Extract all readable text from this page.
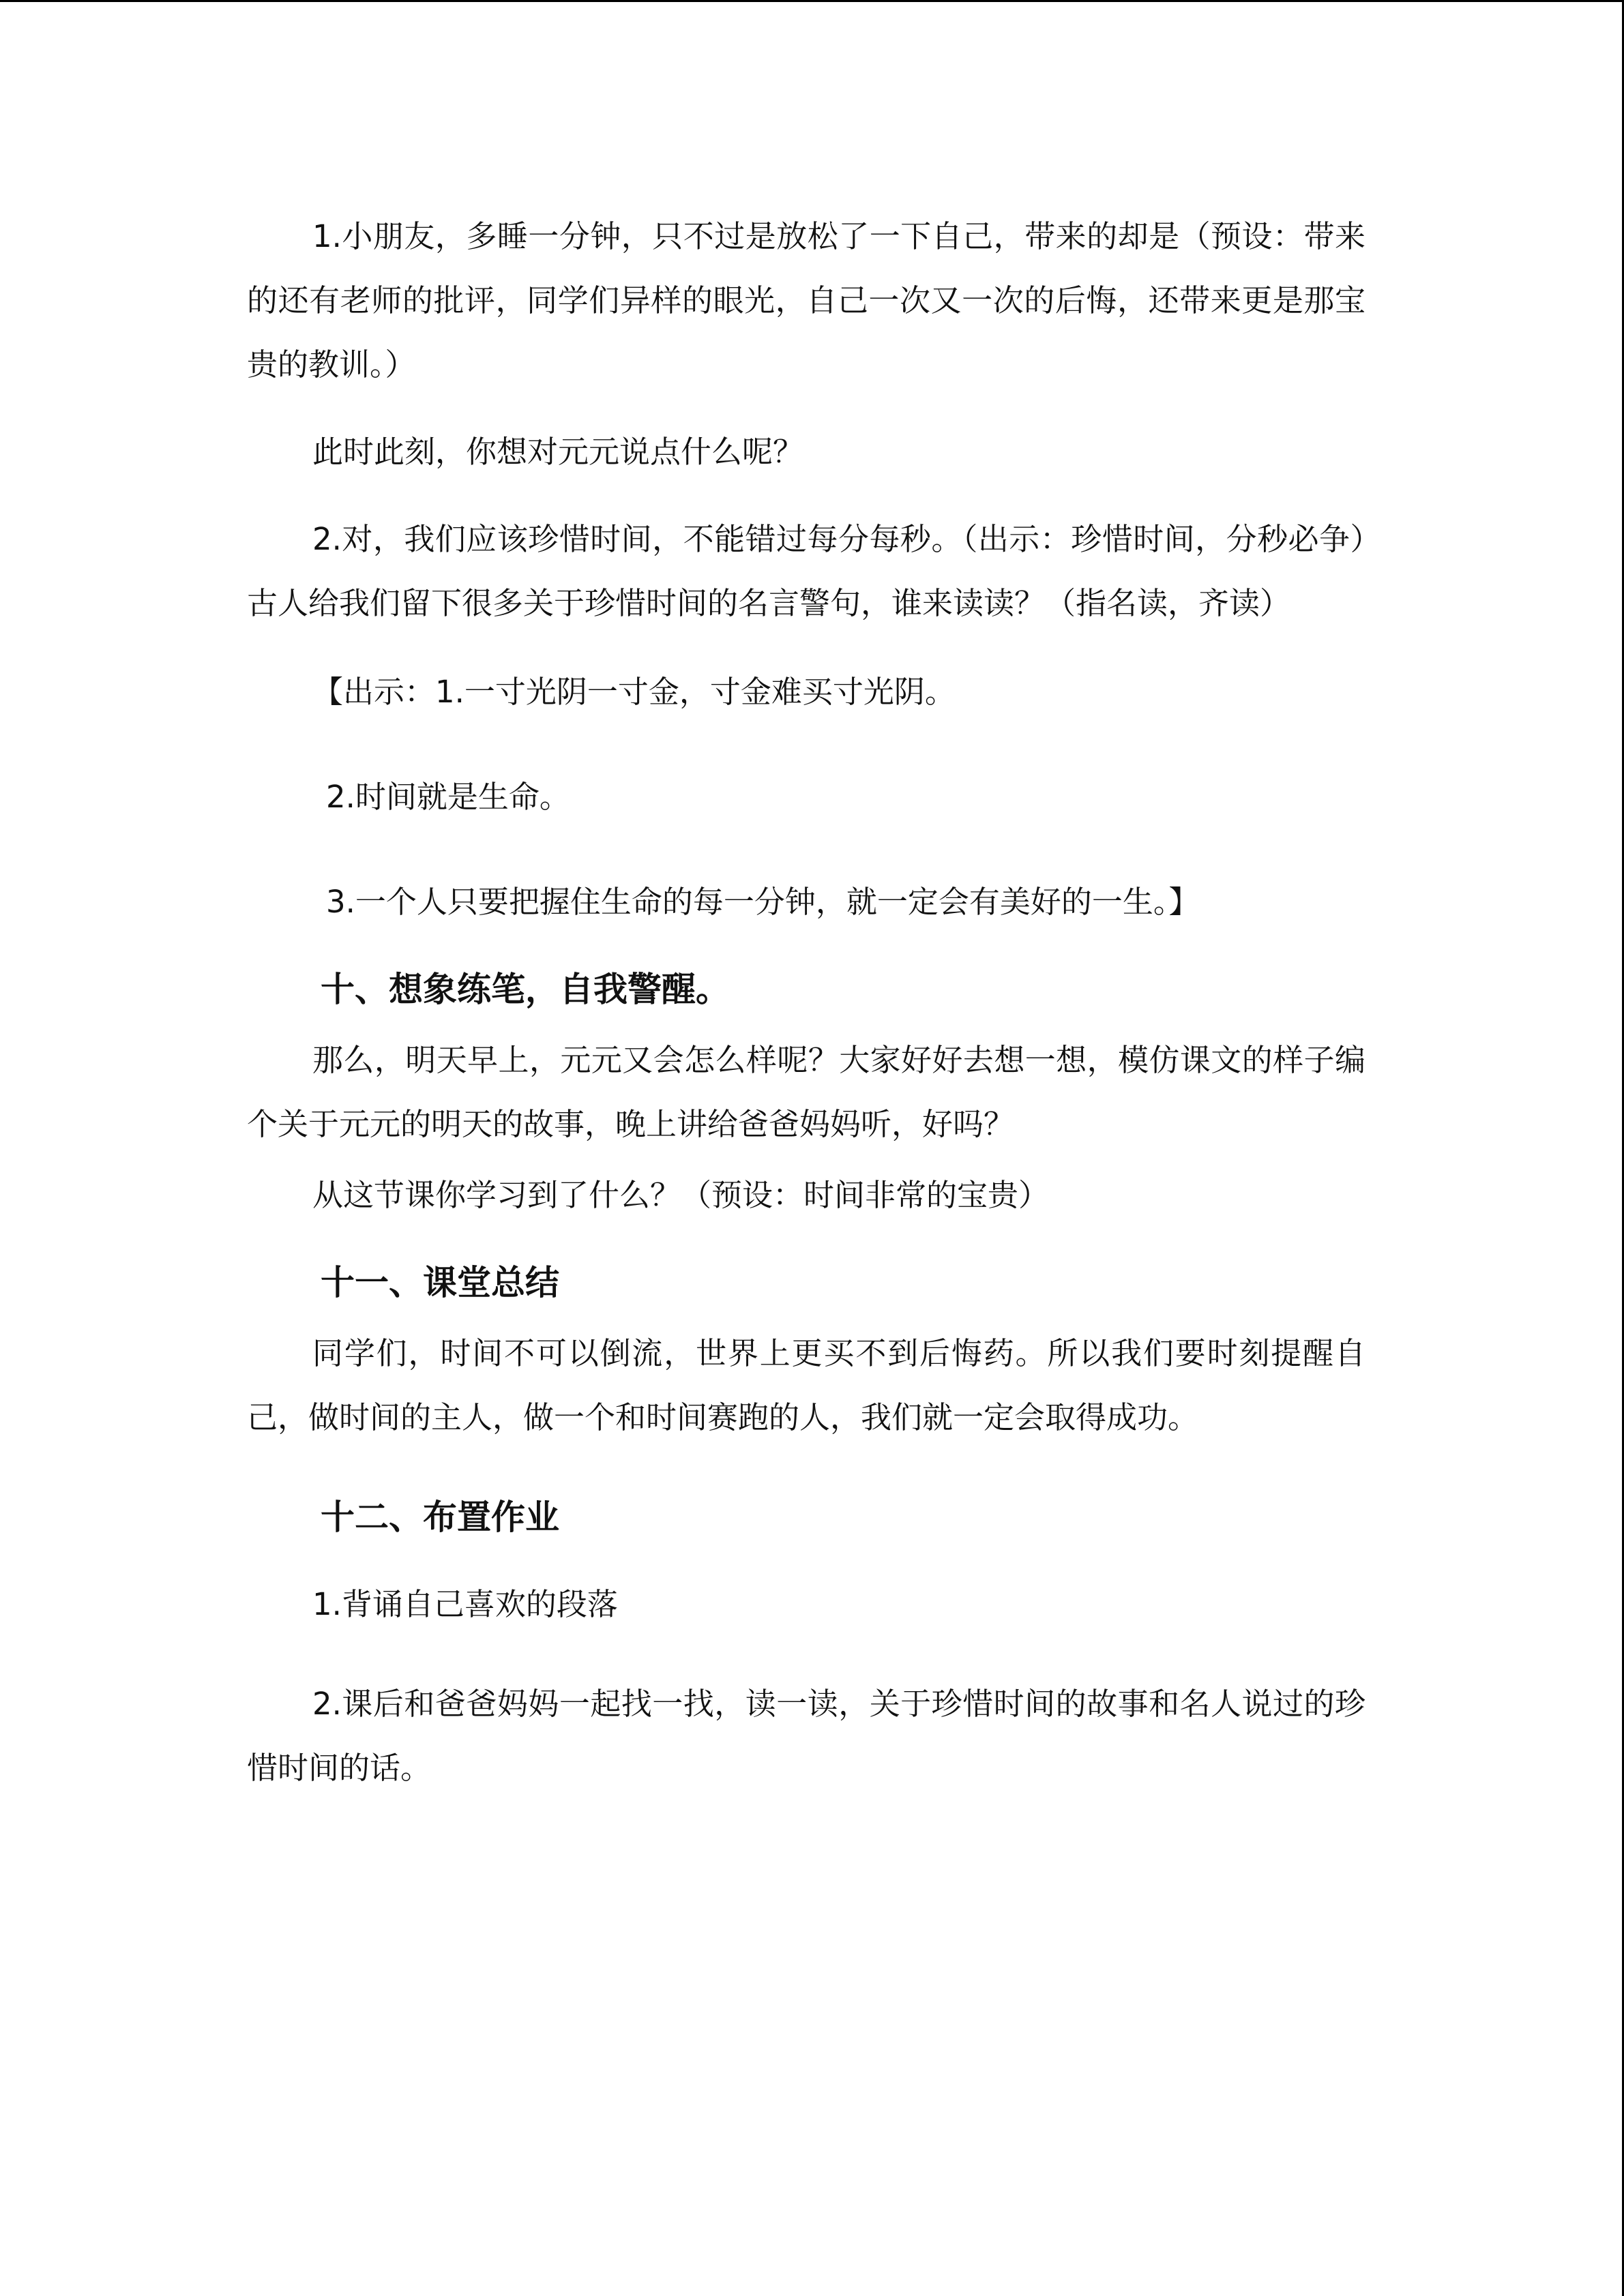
1.小朋友，多睡一分钟，只不过是放松了一下自己，带来的却是（预设：带来的还有老师的批评，同学们异样的眼光，自己一次又一次的后悔，还带来更是那宝贵的教训。）

此时此刻，你想对元元说点什么呢？

2.对，我们应该珍惜时间，不能错过每分每秒。（出示：珍惜时间，分秒必争）古人给我们留下很多关于珍惜时间的名言警句，谁来读读？（指名读，齐读）

【出示：1.一寸光阴一寸金，寸金难买寸光阴。

2.时间就是生命。

3.一个人只要把握住生命的每一分钟，就一定会有美好的一生。】

十、想象练笔，自我警醒。

那么，明天早上，元元又会怎么样呢？大家好好去想一想，模仿课文的样子编个关于元元的明天的故事，晚上讲给爸爸妈妈听，好吗？

从这节课你学习到了什么？（预设：时间非常的宝贵）

十一、课堂总结

同学们，时间不可以倒流，世界上更买不到后悔药。所以我们要时刻提醒自己，做时间的主人，做一个和时间赛跑的人，我们就一定会取得成功。

十二、布置作业

1.背诵自己喜欢的段落

2.课后和爸爸妈妈一起找一找，读一读，关于珍惜时间的故事和名人说过的珍惜时间的话。
